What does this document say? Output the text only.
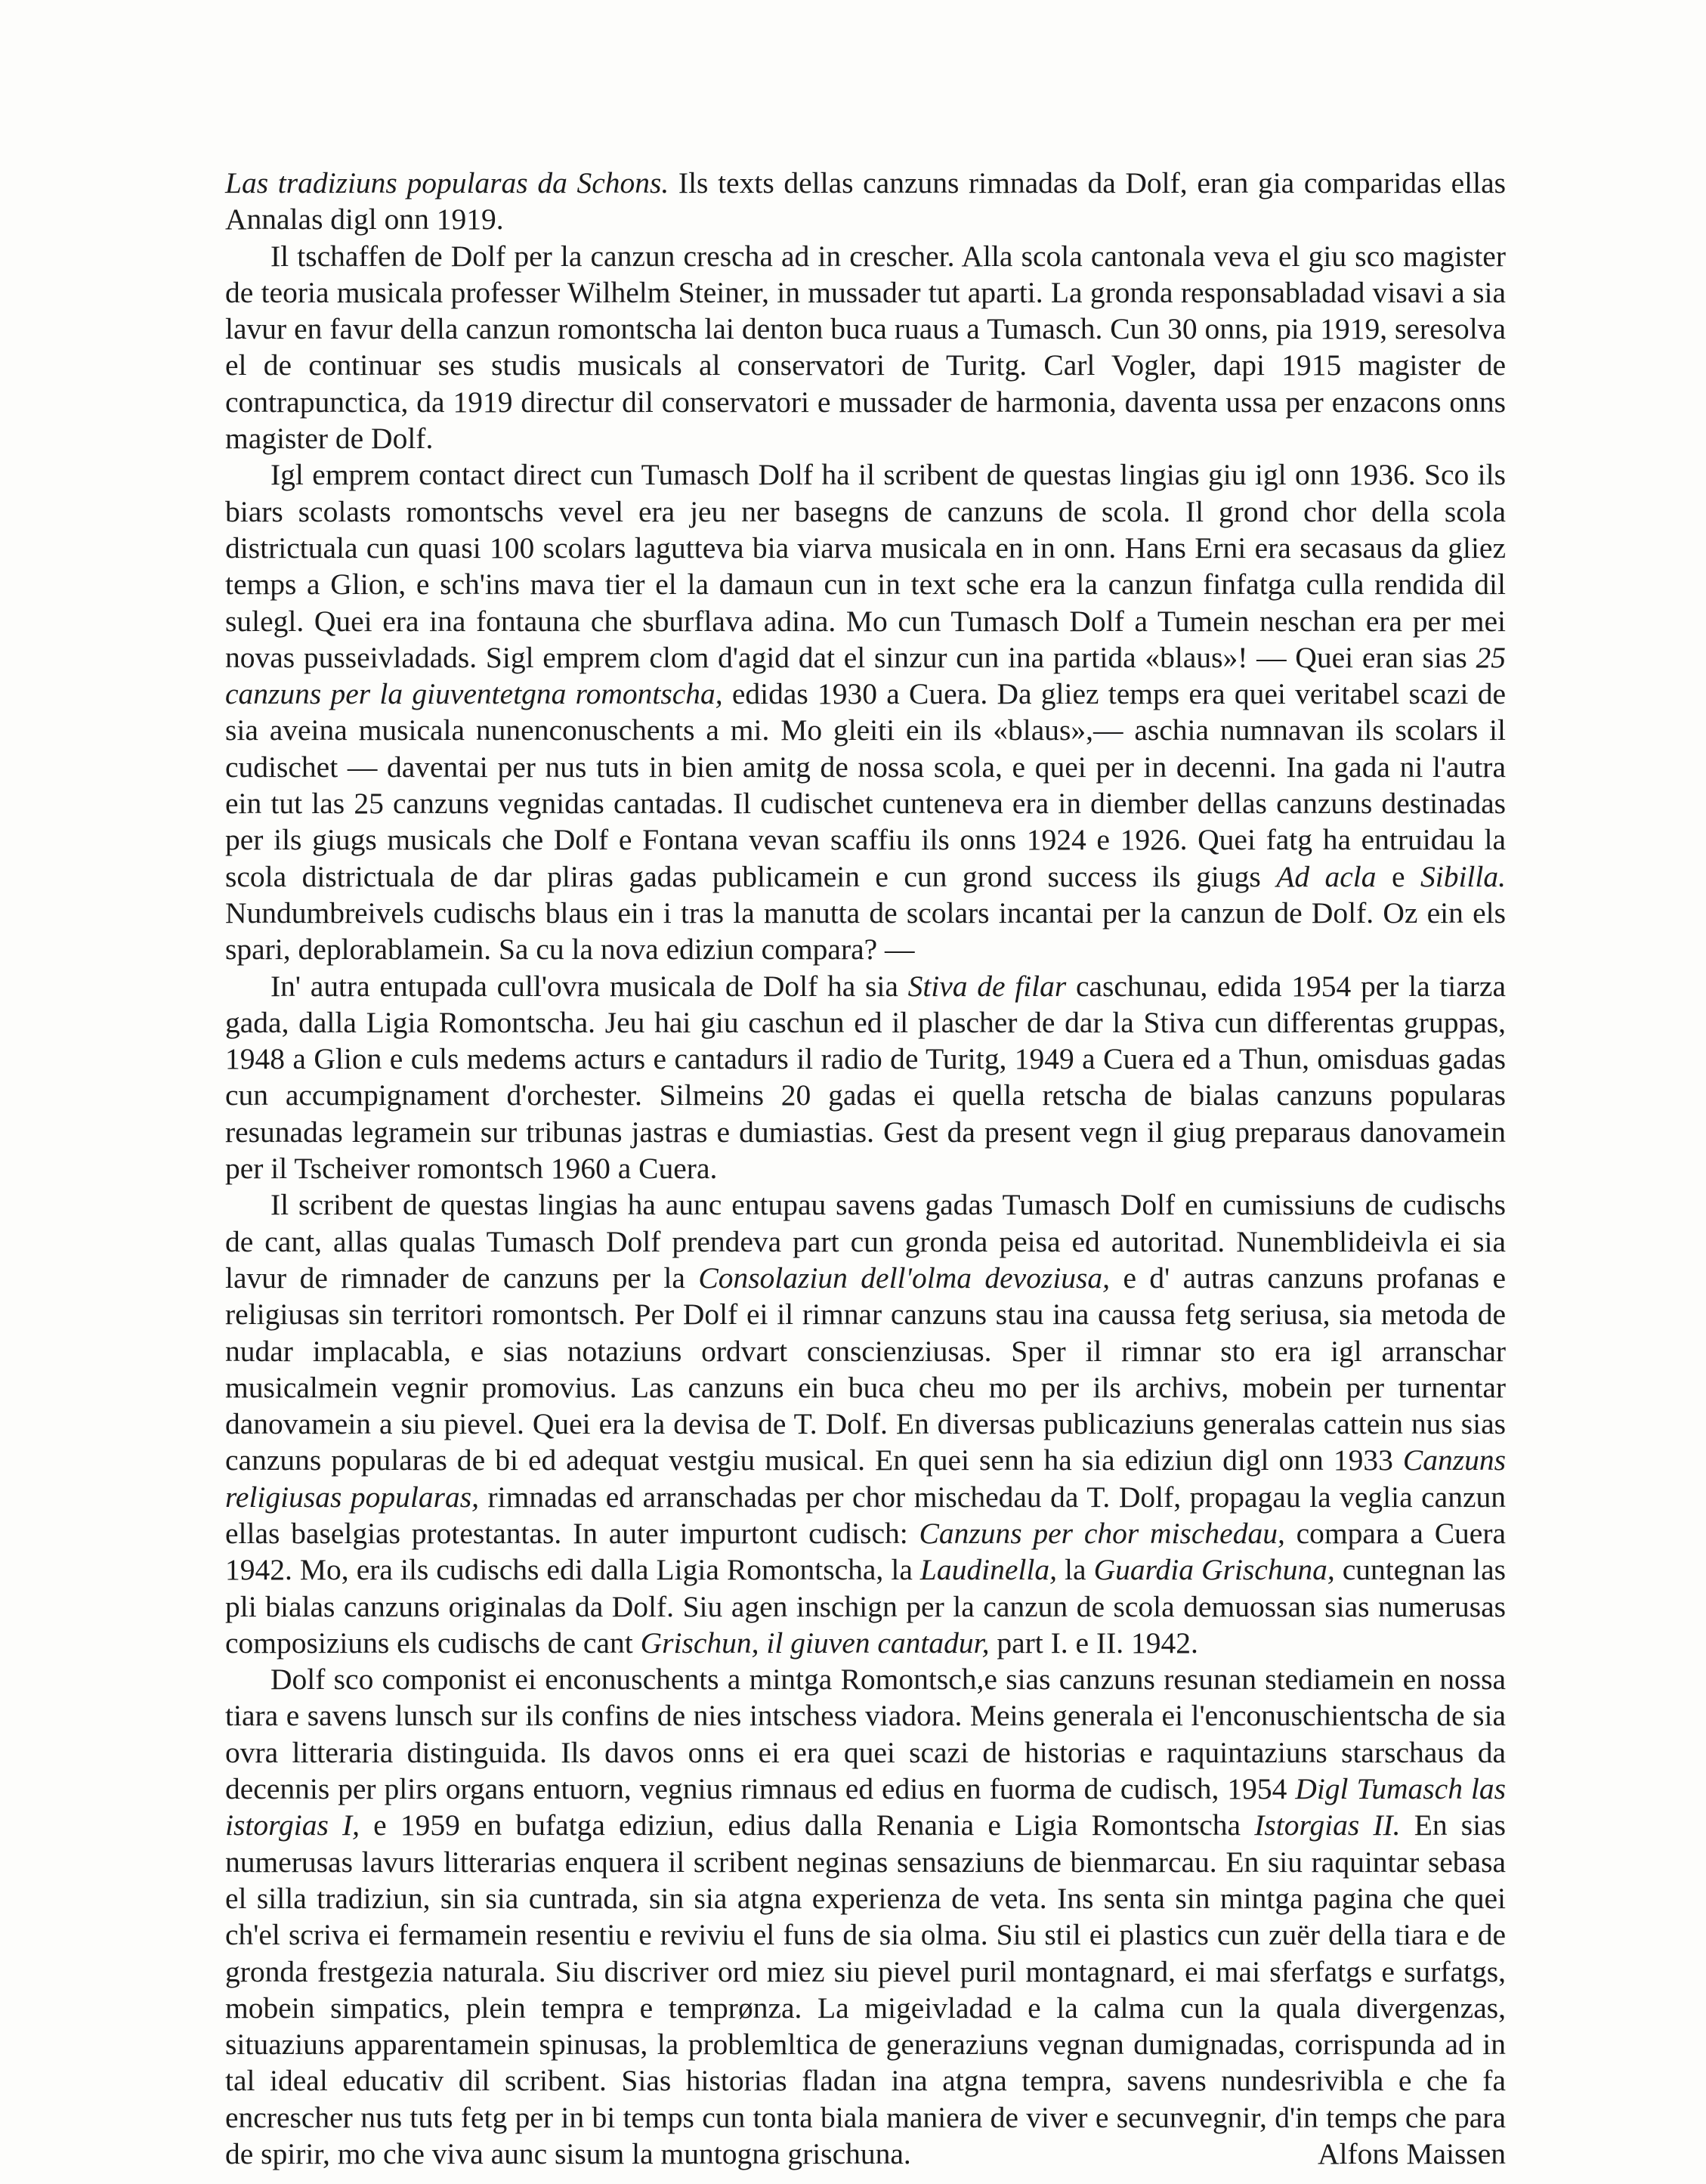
Las tradiziuns popularas da Schons. Ils texts dellas canzuns rimnadas da Dolf, eran gia comparidas ellas Annalas digl onn 1919.

Il tschaffen de Dolf per la canzun crescha ad in crescher. Alla scola cantonala veva el giu sco magister de teoria musicala professer Wilhelm Steiner, in mussader tut aparti. La gronda responsabladad visavi a sia lavur en favur della canzun romontscha lai denton buca ruaus a Tumasch. Cun 30 onns, pia 1919, seresolva el de continuar ses studis musicals al conservatori de Turitg. Carl Vogler, dapi 1915 magister de contrapunctica, da 1919 directur dil conservatori e mussader de harmonia, daventa ussa per enzacons onns magister de Dolf.

Igl emprem contact direct cun Tumasch Dolf ha il scribent de questas lingias giu igl onn 1936. Sco ils biars scolasts romontschs vevel era jeu ner basegns de canzuns de scola. Il grond chor della scola districtuala cun quasi 100 scolars lagutteva bia viarva musicala en in onn. Hans Erni era secasaus da gliez temps a Glion, e sch'ins mava tier el la damaun cun in text sche era la canzun finfatga culla rendida dil sulegl. Quei era ina fontauna che sburflava adina. Mo cun Tumasch Dolf a Tumein neschan era per mei novas pusseivladads. Sigl emprem clom d'agid dat el sinzur cun ina partida «blaus»! — Quei eran sias 25 canzuns per la giuventetgna romontscha, edidas 1930 a Cuera. Da gliez temps era quei veritabel scazi de sia aveina musicala nunenconuschents a mi. Mo gleiti ein ils «blaus»,— aschia numnavan ils scolars il cudischet — daventai per nus tuts in bien amitg de nossa scola, e quei per in decenni. Ina gada ni l'autra ein tut las 25 canzuns vegnidas cantadas. Il cudischet cunteneva era in diember dellas canzuns destinadas per ils giugs musicals che Dolf e Fontana vevan scaffiu ils onns 1924 e 1926. Quei fatg ha entruidau la scola districtuala de dar pliras gadas publicamein e cun grond success ils giugs Ad acla e Sibilla. Nundumbreivels cudischs blaus ein i tras la manutta de scolars incantai per la canzun de Dolf. Oz ein els spari, deplorablamein. Sa cu la nova ediziun compara? —

In' autra entupada cull'ovra musicala de Dolf ha sia Stiva de filar caschunau, edida 1954 per la tiarza gada, dalla Ligia Romontscha. Jeu hai giu caschun ed il plascher de dar la Stiva cun differentas gruppas, 1948 a Glion e culs medems acturs e cantadurs il radio de Turitg, 1949 a Cuera ed a Thun, omisduas gadas cun accumpignament d'orchester. Silmeins 20 gadas ei quella retscha de bialas canzuns popularas resunadas legramein sur tribunas jastras e dumiastias. Gest da present vegn il giug preparaus danovamein per il Tscheiver romontsch 1960 a Cuera.

Il scribent de questas lingias ha aunc entupau savens gadas Tumasch Dolf en cumissiuns de cudischs de cant, allas qualas Tumasch Dolf prendeva part cun gronda peisa ed autoritad. Nunemblideivla ei sia lavur de rimnader de canzuns per la Consolaziun dell'olma devoziusa, e d' autras canzuns profanas e religiusas sin territori romontsch. Per Dolf ei il rimnar canzuns stau ina caussa fetg seriusa, sia metoda de nudar implacabla, e sias notaziuns ordvart conscienziusas. Sper il rimnar sto era igl arranschar musicalmein vegnir promovius. Las canzuns ein buca cheu mo per ils archivs, mobein per turnentar danovamein a siu pievel. Quei era la devisa de T. Dolf. En diversas publicaziuns generalas cattein nus sias canzuns popularas de bi ed adequat vestgiu musical. En quei senn ha sia ediziun digl onn 1933 Canzuns religiusas popularas, rimnadas ed arranschadas per chor mischedau da T. Dolf, propagau la veglia canzun ellas baselgias protestantas. In auter impurtont cudisch: Canzuns per chor mischedau, compara a Cuera 1942. Mo, era ils cudischs edi dalla Ligia Romontscha, la Laudinella, la Guardia Grischuna, cuntegnan las pli bialas canzuns originalas da Dolf. Siu agen inschign per la canzun de scola demuossan sias numerusas composiziuns els cudischs de cant Grischun, il giuven cantadur, part I. e II. 1942.

Dolf sco componist ei enconuschents a mintga Romontsch,e sias canzuns resunan stediamein en nossa tiara e savens lunsch sur ils confins de nies intschess viadora. Meins generala ei l'enconuschientscha de sia ovra litteraria distinguida. Ils davos onns ei era quei scazi de historias e raquintaziuns starschaus da decennis per plirs organs entuorn, vegnius rimnaus ed edius en fuorma de cudisch, 1954 Digl Tumasch las istorgias I, e 1959 en bufatga ediziun, edius dalla Renania e Ligia Romontscha Istorgias II. En sias numerusas lavurs litterarias enquera il scribent neginas sensaziuns de bienmarcau. En siu raquintar sebasa el silla tradiziun, sin sia cuntrada, sin sia atgna experienza de veta. Ins senta sin mintga pagina che quei ch'el scriva ei fermamein resentiu e reviviu el funs de sia olma. Siu stil ei plastics cun zuër della tiara e de gronda frestgezia naturala. Siu discriver ord miez siu pievel puril montagnard, ei mai sferfatgs e surfatgs, mobein simpatics, plein tempra e temprønza. La migeivladad e la calma cun la quala divergenzas, situaziuns apparentamein spinusas, la problemltica de generaziuns vegnan dumignadas, corrispunda ad in tal ideal educativ dil scribent. Sias historias fladan ina atgna tempra, savens nundesrivibla e che fa encrescher nus tuts fetg per in bi temps cun tonta biala maniera de viver e secunvegnir, d'in temps che para de spirir, mo che viva aunc sisum la muntogna grischuna.	Alfons Maissen
